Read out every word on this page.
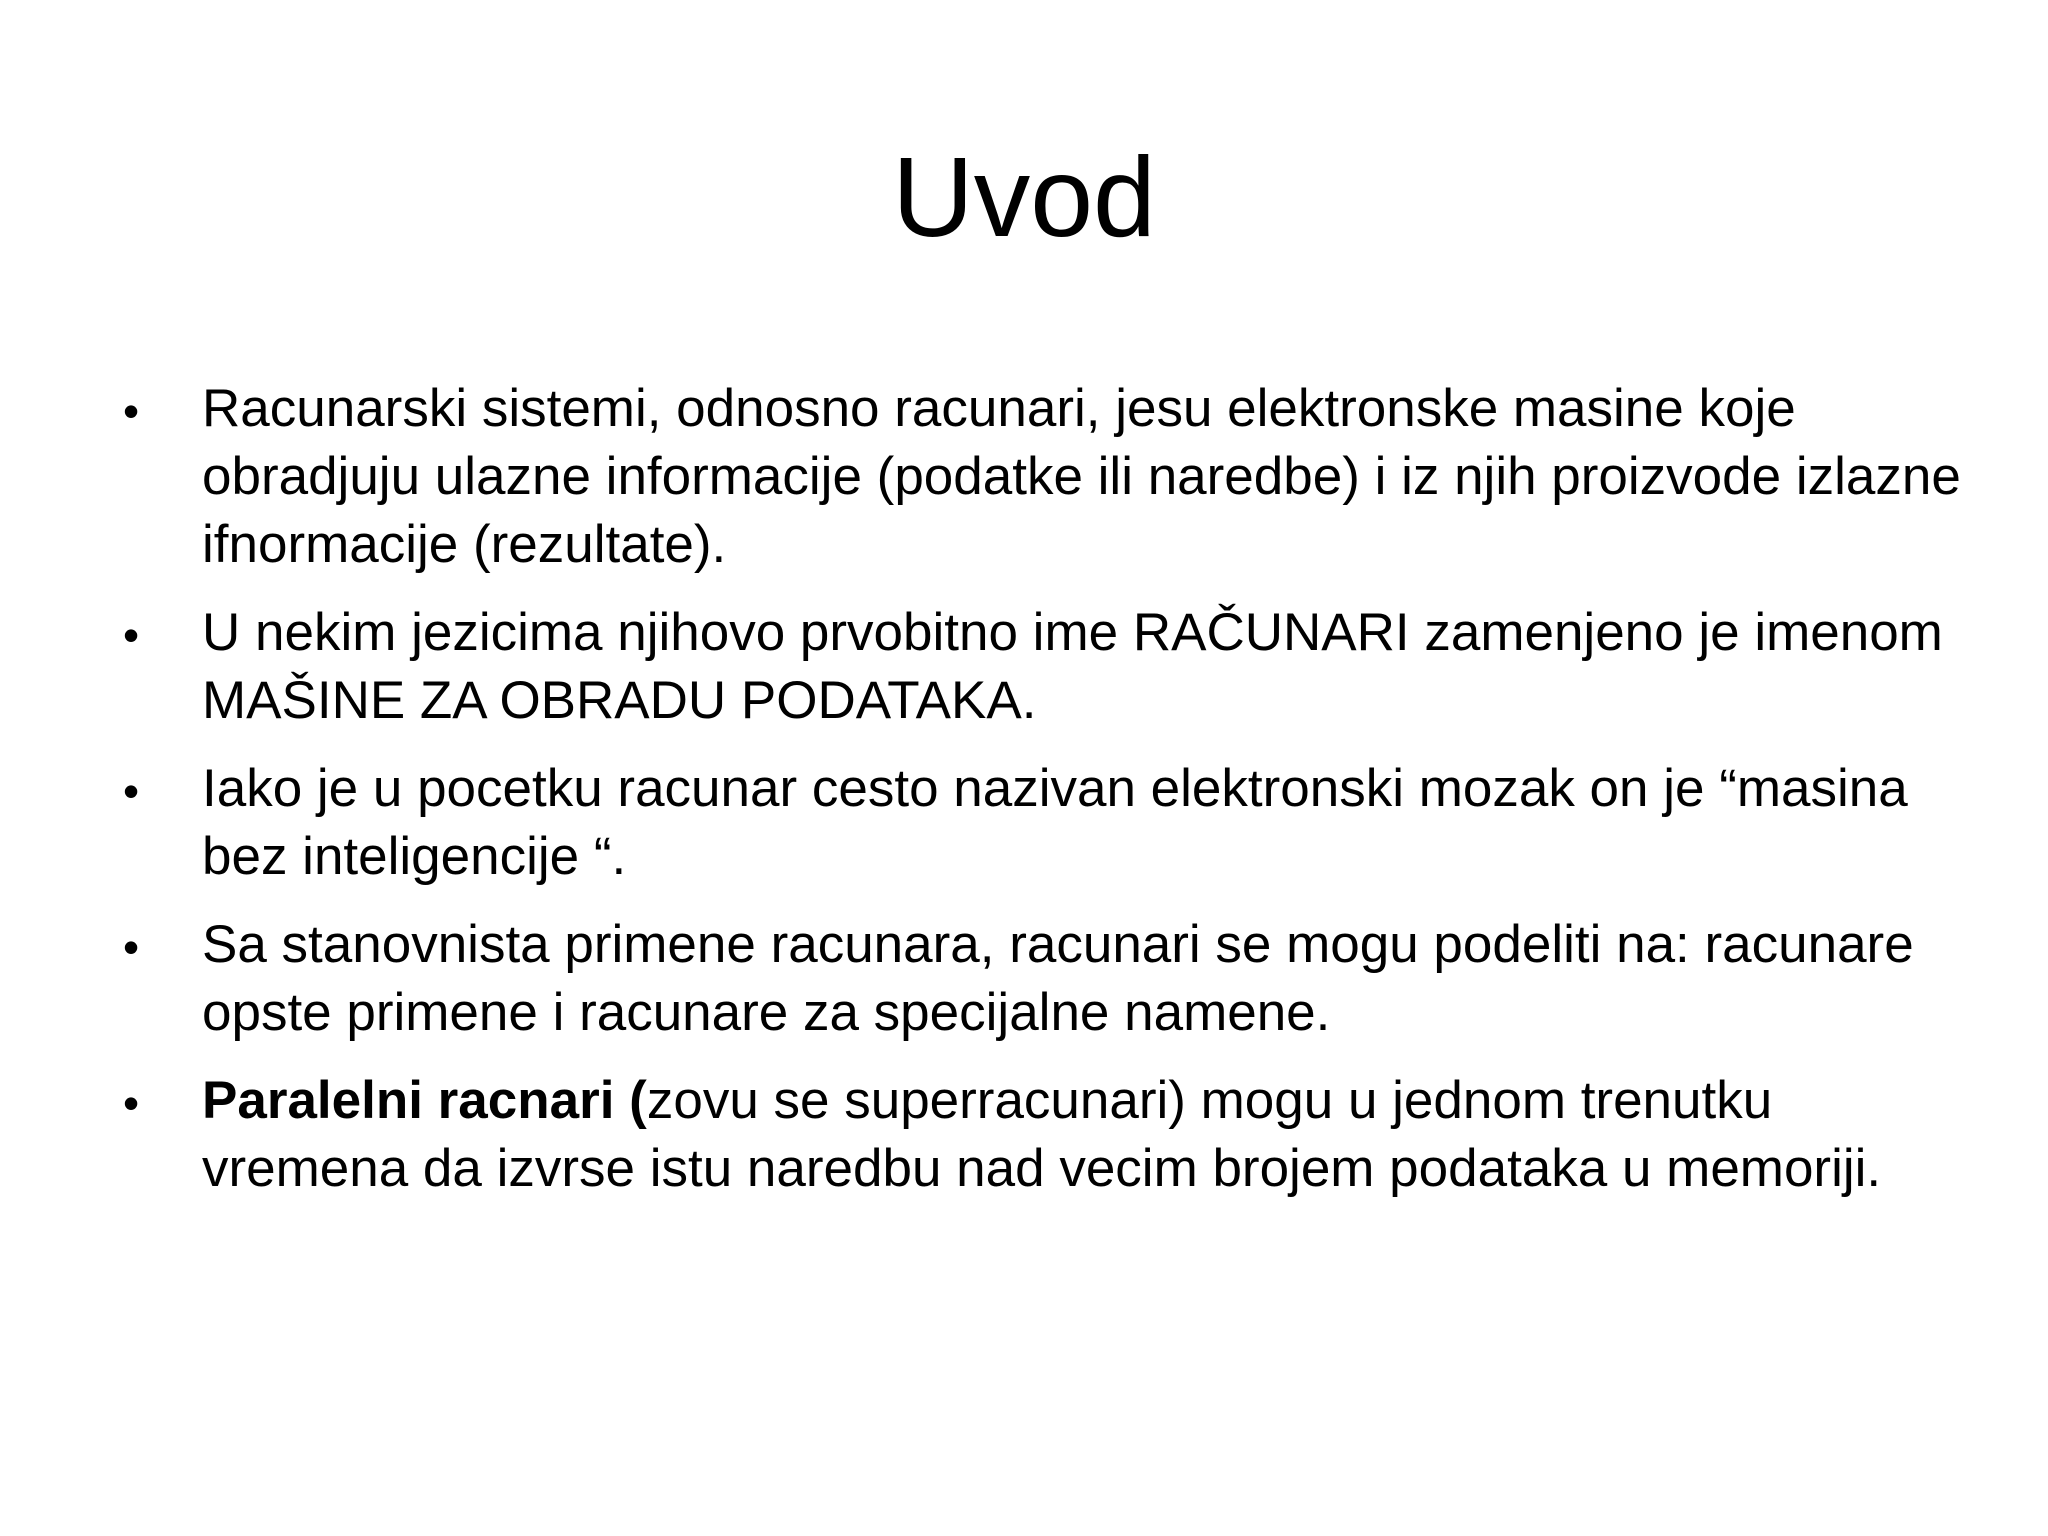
Uvod
• Racunarski sistemi, odnosno racunari, jesu elektronske masine koje obradjuju ulazne informacije (podatke ili naredbe) i iz njih proizvode izlazne ifnormacije (rezultate).
• U nekim jezicima njihovo prvobitno ime RAČUNARI zamenjeno je imenom MAŠINE ZA OBRADU PODATAKA.
• Iako je u pocetku racunar cesto nazivan elektronski mozak on je “masina bez inteligencije “.
• Sa stanovnista primene racunara, racunari se mogu podeliti na: racunare opste primene i racunare za specijalne namene.
• Paralelni racnari (zovu se superracunari) mogu u jednom trenutku vremena da izvrse istu naredbu nad vecim brojem podataka u memoriji.
